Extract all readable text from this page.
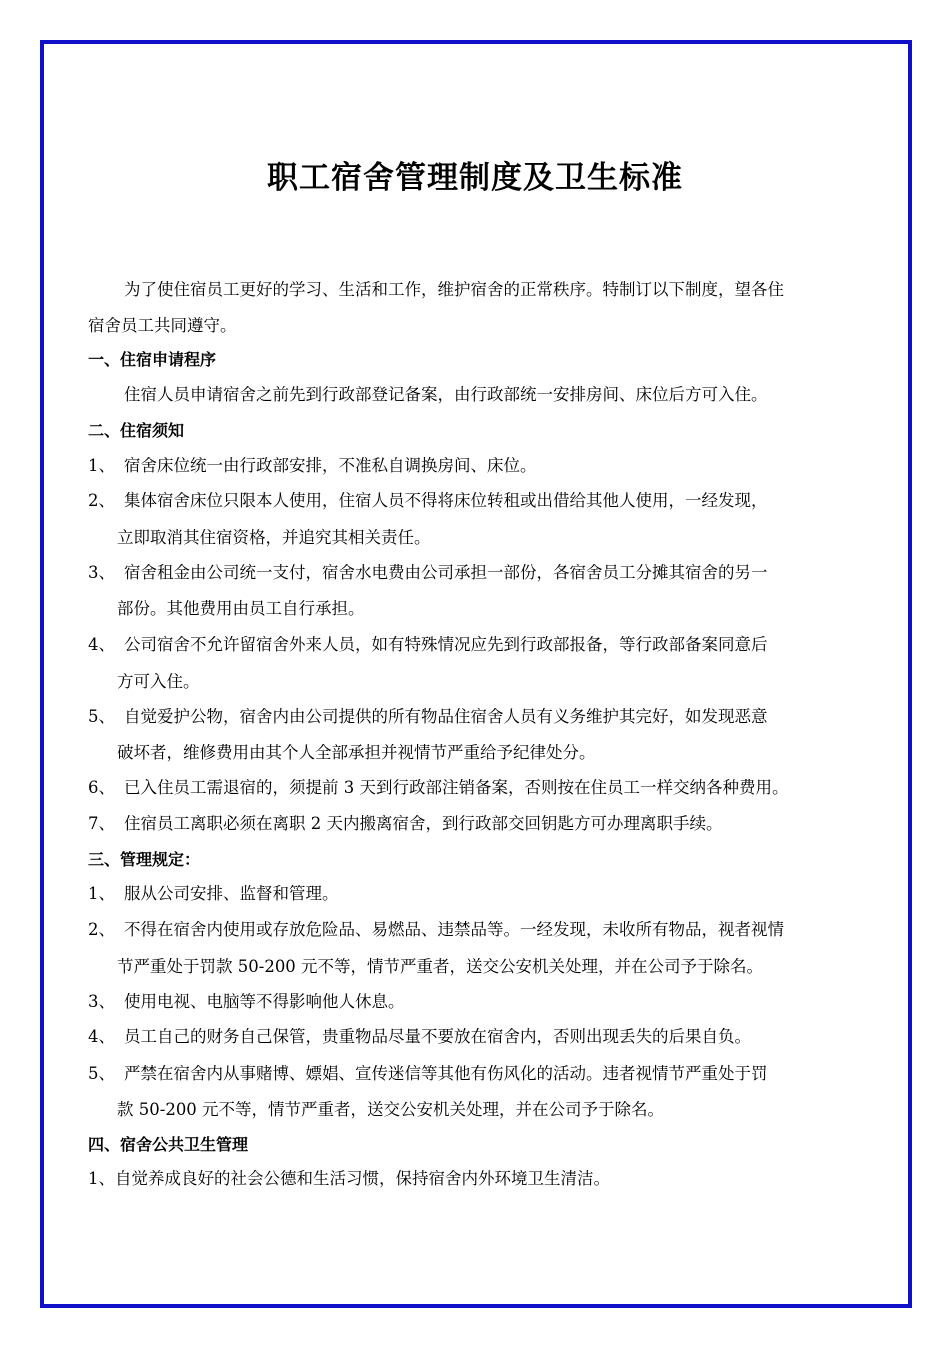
职工宿舍管理制度及卫生标准

为了使住宿员工更好的学习、生活和工作，维护宿舍的正常秩序。特制订以下制度，望各住

宿舍员工共同遵守。

一、住宿申请程序

住宿人员申请宿舍之前先到行政部登记备案，由行政部统一安排房间、床位后方可入住。

二、住宿须知

1、 宿舍床位统一由行政部安排，不准私自调换房间、床位。

2、 集体宿舍床位只限本人使用，住宿人员不得将床位转租或出借给其他人使用，一经发现，

立即取消其住宿资格，并追究其相关责任。

3、 宿舍租金由公司统一支付，宿舍水电费由公司承担一部份，各宿舍员工分摊其宿舍的另一

部份。其他费用由员工自行承担。

4、 公司宿舍不允许留宿舍外来人员，如有特殊情况应先到行政部报备，等行政部备案同意后

方可入住。

5、 自觉爱护公物，宿舍内由公司提供的所有物品住宿舍人员有义务维护其完好，如发现恶意

破坏者，维修费用由其个人全部承担并视情节严重给予纪律处分。

6、 已入住员工需退宿的，须提前 3 天到行政部注销备案，否则按在住员工一样交纳各种费用。

7、 住宿员工离职必须在离职 2 天内搬离宿舍，到行政部交回钥匙方可办理离职手续。

三、管理规定：

1、 服从公司安排、监督和管理。

2、 不得在宿舍内使用或存放危险品、易燃品、违禁品等。一经发现，未收所有物品，视者视情

节严重处于罚款 50-200 元不等，情节严重者，送交公安机关处理，并在公司予于除名。

3、 使用电视、电脑等不得影响他人休息。

4、 员工自己的财务自己保管，贵重物品尽量不要放在宿舍内，否则出现丢失的后果自负。

5、 严禁在宿舍内从事赌博、嫖娼、宣传迷信等其他有伤风化的活动。违者视情节严重处于罚

款 50-200 元不等，情节严重者，送交公安机关处理，并在公司予于除名。

四、宿舍公共卫生管理

1、自觉养成良好的社会公德和生活习惯，保持宿舍内外环境卫生清洁。
